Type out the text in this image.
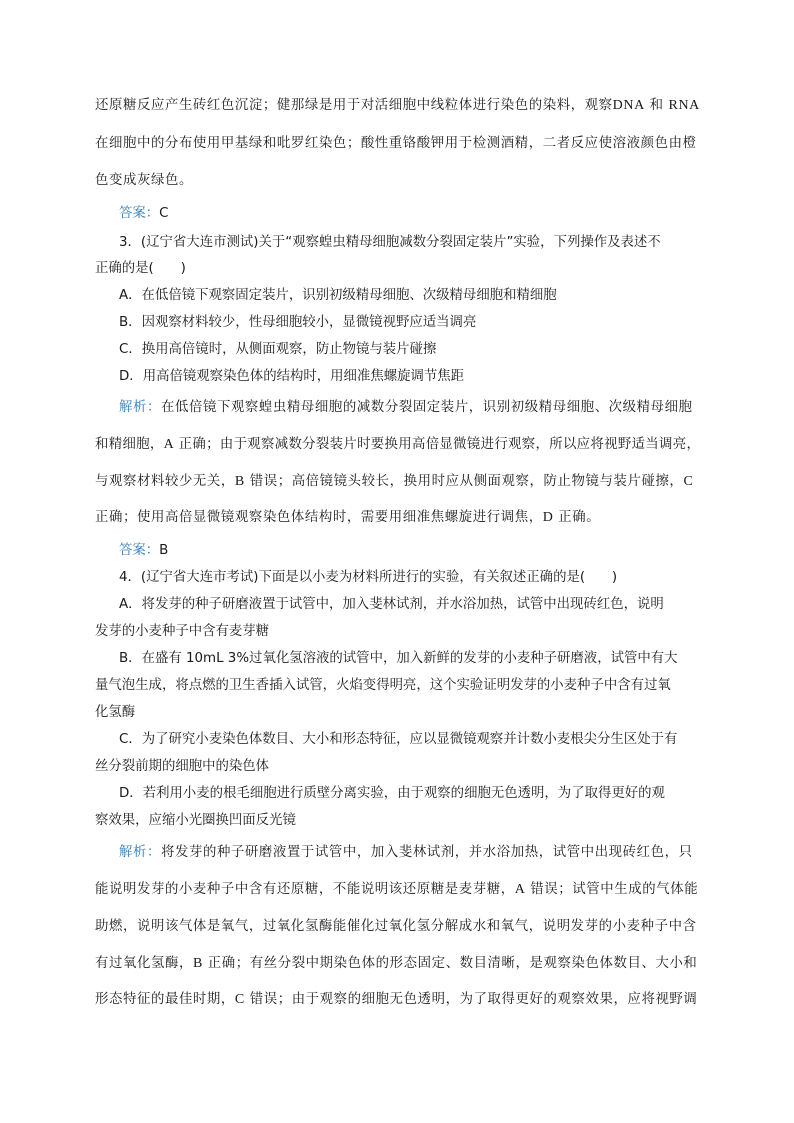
还原糖反应产生砖红色沉淀；健那绿是用于对活细胞中线粒体进行染色的染料，观察DNA 和 RNA
在细胞中的分布使用甲基绿和吡罗红染色；酸性重铬酸钾用于检测酒精，二者反应使溶液颜色由橙
色变成灰绿色。
答案：C
3．(辽宁省大连市测试)关于“观察蝗虫精母细胞减数分裂固定装片”实验，下列操作及表述不
正确的是(　　)
A．在低倍镜下观察固定装片，识别初级精母细胞、次级精母细胞和精细胞
B．因观察材料较少，性母细胞较小，显微镜视野应适当调亮
C．换用高倍镜时，从侧面观察，防止物镜与装片碰擦
D．用高倍镜观察染色体的结构时，用细准焦螺旋调节焦距
解析：在低倍镜下观察蝗虫精母细胞的减数分裂固定装片，识别初级精母细胞、次级精母细胞
和精细胞，A 正确；由于观察减数分裂装片时要换用高倍显微镜进行观察，所以应将视野适当调亮，
与观察材料较少无关，B 错误；高倍镜镜头较长，换用时应从侧面观察，防止物镜与装片碰擦，C
正确；使用高倍显微镜观察染色体结构时，需要用细准焦螺旋进行调焦，D 正确。
答案：B
4．(辽宁省大连市考试)下面是以小麦为材料所进行的实验，有关叙述正确的是(　　)
A．将发芽的种子研磨液置于试管中，加入斐林试剂，并水浴加热，试管中出现砖红色，说明
发芽的小麦种子中含有麦芽糖
B．在盛有 10mL 3%过氧化氢溶液的试管中，加入新鲜的发芽的小麦种子研磨液，试管中有大
量气泡生成，将点燃的卫生香插入试管，火焰变得明亮，这个实验证明发芽的小麦种子中含有过氧
化氢酶
C．为了研究小麦染色体数目、大小和形态特征，应以显微镜观察并计数小麦根尖分生区处于有
丝分裂前期的细胞中的染色体
D．若利用小麦的根毛细胞进行质壁分离实验，由于观察的细胞无色透明，为了取得更好的观
察效果，应缩小光圈换凹面反光镜
解析：将发芽的种子研磨液置于试管中，加入斐林试剂，并水浴加热，试管中出现砖红色，只
能说明发芽的小麦种子中含有还原糖，不能说明该还原糖是麦芽糖，A 错误；试管中生成的气体能
助燃，说明该气体是氧气，过氧化氢酶能催化过氧化氢分解成水和氧气，说明发芽的小麦种子中含
有过氧化氢酶，B 正确；有丝分裂中期染色体的形态固定、数目清晰，是观察染色体数目、大小和
形态特征的最佳时期，C 错误；由于观察的细胞无色透明，为了取得更好的观察效果，应将视野调
